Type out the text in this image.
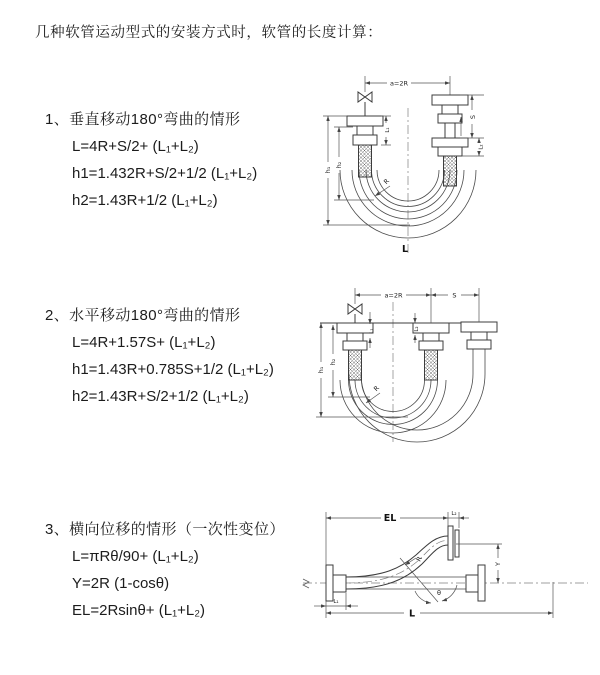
几种软管运动型式的安装方式时，软管的长度计算：

1、垂直移动180°弯曲的情形

L=4R+S/2+ (L₁+L₂)

h1=1.432R+S/2+1/2 (L₁+L₂)

h2=1.43R+1/2 (L₁+L₂)

2、水平移动180°弯曲的情形

L=4R+1.57S+ (L₁+L₂)

h1=1.43R+0.785S+1/2 (L₁+L₂)

h2=1.43R+S/2+1/2 (L₁+L₂)

3、横向位移的情形（一次性变位）

L=πRθ/90+ (L₁+L₂)

Y=2R (1-cosθ)

EL=2Rsinθ+ (L₁+L₂)

a=2R
L₁
S
L₂
h₁
h₂
R
L
a=2R	S
L₁	L₂
h₁
h₂
R
EL	L₂
Y
R
θ
L₁
L
